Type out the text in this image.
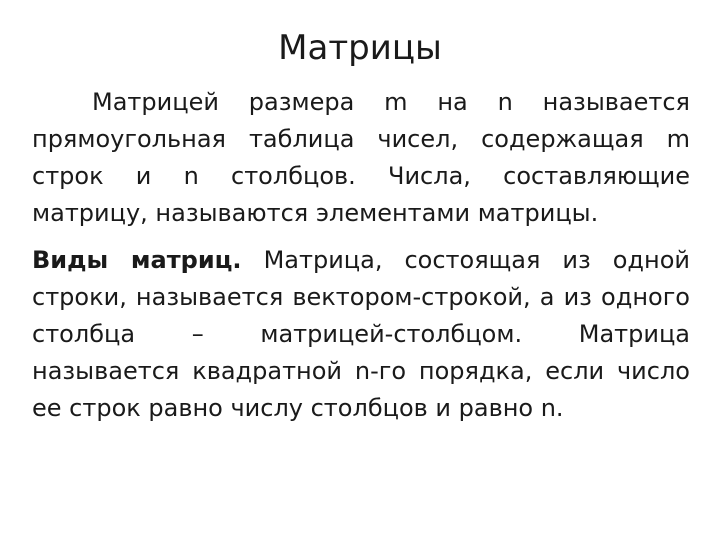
Матрицы

Матрицей размера m на n называется прямоугольная таблица чисел, содержащая m строк и n столбцов. Числа, составляющие матрицу, называются элементами матрицы.

Виды матриц. Матрица, состоящая из одной строки, называется вектором-строкой, а из одного столбца – матрицей-столбцом. Матрица называется квадратной n-го порядка, если число ее строк равно числу столбцов и равно n.
